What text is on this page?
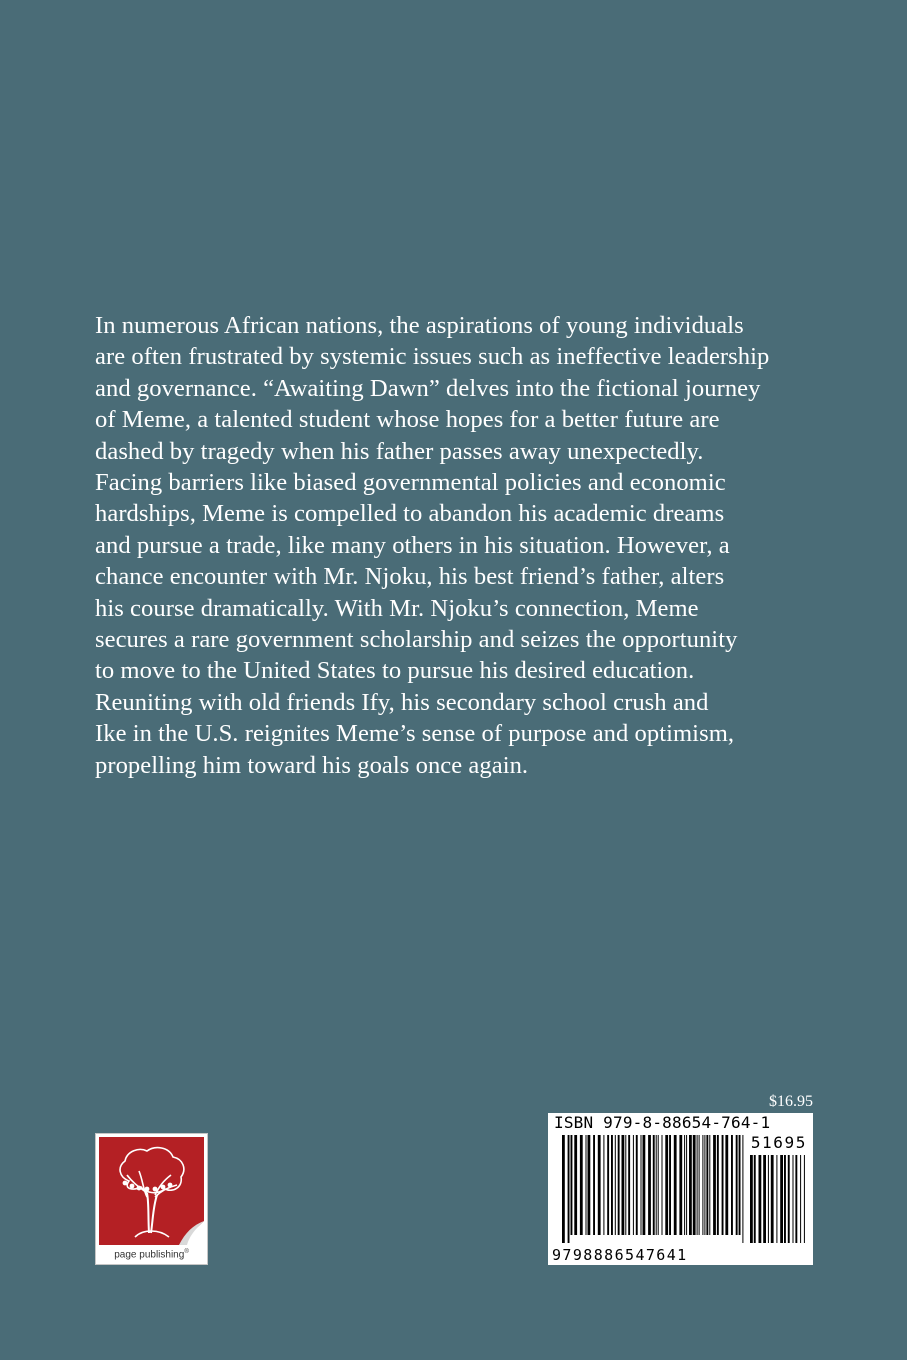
In numerous African nations, the aspirations of young individuals
are often frustrated by systemic issues such as ineffective leadership
and governance. “Awaiting Dawn” delves into the fictional journey
of Meme, a talented student whose hopes for a better future are
dashed by tragedy when his father passes away unexpectedly.
Facing barriers like biased governmental policies and economic
hardships, Meme is compelled to abandon his academic dreams
and pursue a trade, like many others in his situation. However, a
chance encounter with Mr. Njoku, his best friend’s father, alters
his course dramatically. With Mr. Njoku’s connection, Meme
secures a rare government scholarship and seizes the opportunity
to move to the United States to pursue his desired education.
Reuniting with old friends Ify, his secondary school crush and
Ike in the U.S. reignites Meme’s sense of purpose and optimism,
propelling him toward his goals once again.
$16.95
ISBN 979-8-88654-764-1
51695
9798886547641
page publishing®
